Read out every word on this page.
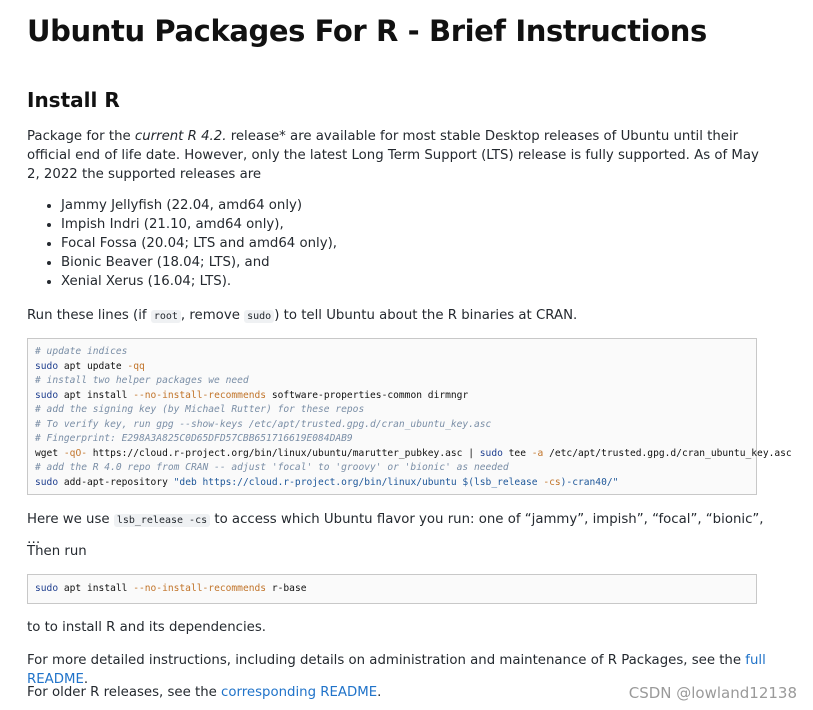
Ubuntu Packages For R - Brief Instructions
Install R

Package for the current R 4.2. release* are available for most stable Desktop releases of Ubuntu until their official end of life date. However, only the latest Long Term Support (LTS) release is fully supported. As of May 2, 2022 the supported releases are

• Jammy Jellyfish (22.04, amd64 only)
• Impish Indri (21.10, amd64 only),
• Focal Fossa (20.04; LTS and amd64 only),
• Bionic Beaver (18.04; LTS), and
• Xenial Xerus (16.04; LTS).

Run these lines (if root , remove sudo ) to tell Ubuntu about the R binaries at CRAN.

# update indices
sudo apt update -qq
# install two helper packages we need
sudo apt install --no-install-recommends software-properties-common dirmngr
# add the signing key (by Michael Rutter) for these repos
# To verify key, run gpg --show-keys /etc/apt/trusted.gpg.d/cran_ubuntu_key.asc
# Fingerprint: E298A3A825C0D65DFD57CBB651716619E084DAB9
wget -qO- https://cloud.r-project.org/bin/linux/ubuntu/marutter_pubkey.asc | sudo tee -a /etc/apt/trusted.gpg.d/cran_ubuntu_key.asc
# add the R 4.0 repo from CRAN -- adjust 'focal' to 'groovy' or 'bionic' as needed
sudo add-apt-repository "deb https://cloud.r-project.org/bin/linux/ubuntu $(lsb_release -cs)-cran40/"

Here we use lsb_release -cs to access which Ubuntu flavor you run: one of “jammy”, impish”, “focal”, “bionic”, …

Then run

sudo apt install --no-install-recommends r-base

to to install R and its dependencies.

For more detailed instructions, including details on administration and maintenance of R Packages, see the full README.

For older R releases, see the corresponding README.	CSDN @lowland12138
